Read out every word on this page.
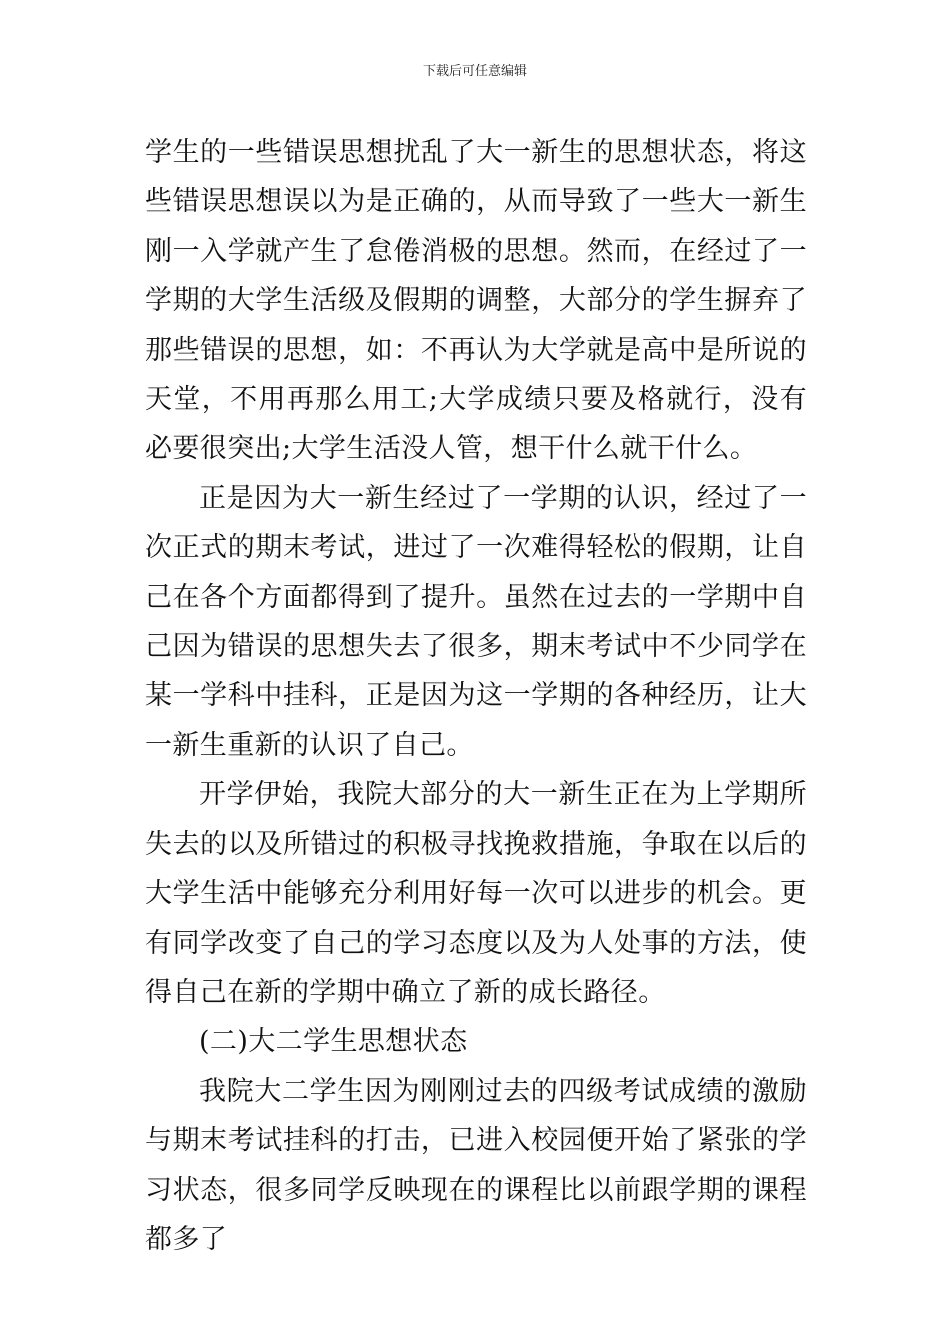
下载后可任意编辑

学生的一些错误思想扰乱了大一新生的思想状态，将这些错误思想误以为是正确的，从而导致了一些大一新生刚一入学就产生了怠倦消极的思想。然而，在经过了一学期的大学生活级及假期的调整，大部分的学生摒弃了那些错误的思想，如：不再认为大学就是高中是所说的天堂，不用再那么用工;大学成绩只要及格就行，没有必要很突出;大学生活没人管，想干什么就干什么。

正是因为大一新生经过了一学期的认识，经过了一次正式的期末考试，进过了一次难得轻松的假期，让自己在各个方面都得到了提升。虽然在过去的一学期中自己因为错误的思想失去了很多，期末考试中不少同学在某一学科中挂科，正是因为这一学期的各种经历，让大一新生重新的认识了自己。

开学伊始，我院大部分的大一新生正在为上学期所失去的以及所错过的积极寻找挽救措施，争取在以后的大学生活中能够充分利用好每一次可以进步的机会。更有同学改变了自己的学习态度以及为人处事的方法，使得自己在新的学期中确立了新的成长路径。

(二)大二学生思想状态

我院大二学生因为刚刚过去的四级考试成绩的激励与期末考试挂科的打击，已进入校园便开始了紧张的学习状态，很多同学反映现在的课程比以前跟学期的课程都多了
